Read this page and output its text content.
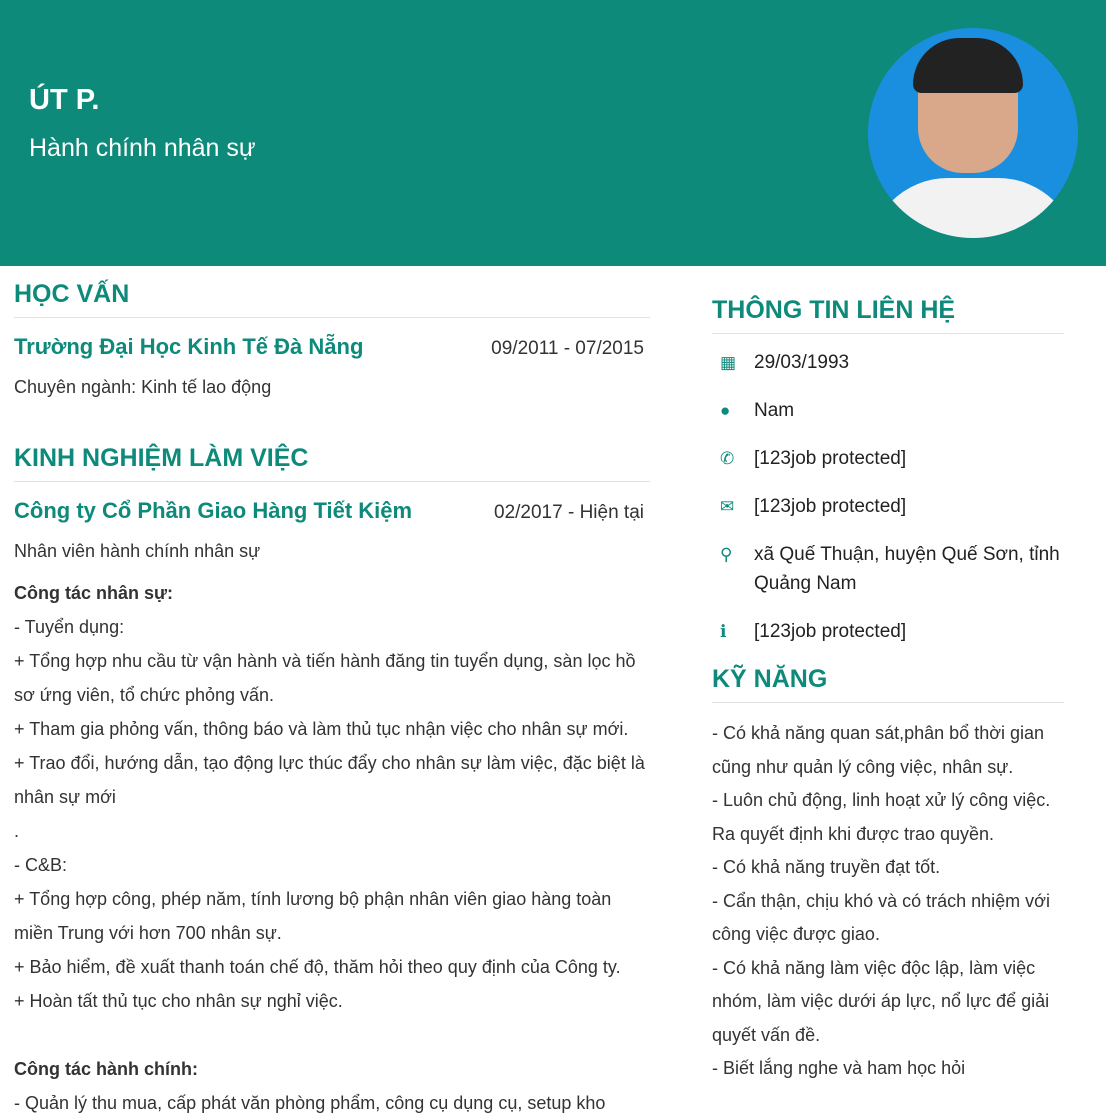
ÚT P.
Hành chính nhân sự
HỌC VẤN
Trường Đại Học Kinh Tế Đà Nẵng	09/2011 - 07/2015

Chuyên ngành: Kinh tế lao động

KINH NGHIỆM LÀM VIỆC
Công ty Cổ Phần Giao Hàng Tiết Kiệm	02/2017 - Hiện tại

Nhân viên hành chính nhân sự

Công tác nhân sự:

- Tuyển dụng:

+ Tổng hợp nhu cầu từ vận hành và tiến hành đăng tin tuyển dụng, sàn lọc hồ sơ ứng viên, tổ chức phỏng vấn.

+ Tham gia phỏng vấn, thông báo và làm thủ tục nhận việc cho nhân sự mới.

+ Trao đổi, hướng dẫn, tạo động lực thúc đẩy cho nhân sự làm việc, đặc biệt là nhân sự mới

.

- C&B:

+ Tổng hợp công, phép năm, tính lương bộ phận nhân viên giao hàng toàn miền Trung với hơn 700 nhân sự.

+ Bảo hiểm, đề xuất thanh toán chế độ, thăm hỏi theo quy định của Công ty.

+ Hoàn tất thủ tục cho nhân sự nghỉ việc.

Công tác hành chính:

- Quản lý thu mua, cấp phát văn phòng phẩm, công cụ dụng cụ, setup kho

THÔNG TIN LIÊN HỆ
▦ 29/03/1993
●	Nam
✆	[123job protected]
✉	[123job protected]
⚲	xã Quế Thuận, huyện Quế Sơn, tỉnh Quảng Nam
ℹ	[123job protected]
KỸ NĂNG

- Có khả năng quan sát,phân bổ thời gian cũng như quản lý công việc, nhân sự.

- Luôn chủ động, linh hoạt xử lý công việc. Ra quyết định khi được trao quyền.

- Có khả năng truyền đạt tốt.

- Cẩn thận, chịu khó và có trách nhiệm với công việc được giao.

- Có khả năng làm việc độc lập, làm việc nhóm, làm việc dưới áp lực, nổ lực để giải quyết vấn đề.

- Biết lắng nghe và ham học hỏi
